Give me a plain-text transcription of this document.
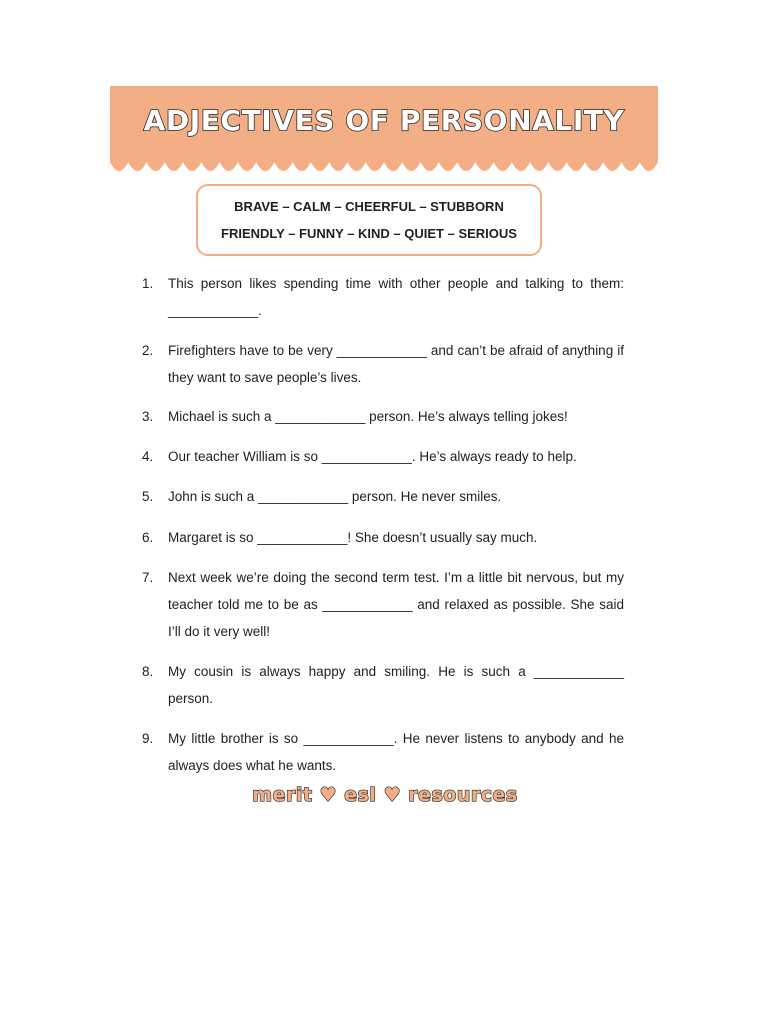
ADJECTIVES OF PERSONALITY
BRAVE – CALM – CHEERFUL – STUBBORN
FRIENDLY – FUNNY – KIND – QUIET – SERIOUS
1.	This person likes spending time with other people and talking to them: ____________.
2.	Firefighters have to be very ____________ and can’t be afraid of anything if they want to save people’s lives.
3.	Michael is such a ____________ person. He’s always telling jokes!
4.	Our teacher William is so ____________. He’s always ready to help.
5.	John is such a ____________ person. He never smiles.
6.	Margaret is so ____________! She doesn’t usually say much.
7.	Next week we’re doing the second term test. I’m a little bit nervous, but my teacher told me to be as ____________ and relaxed as possible. She said I’ll do it very well!
8.	My cousin is always happy and smiling. He is such a ____________ person.
9.	My little brother is so ____________. He never listens to anybody and he always does what he wants.
merit ♥ esl ♥ resources
